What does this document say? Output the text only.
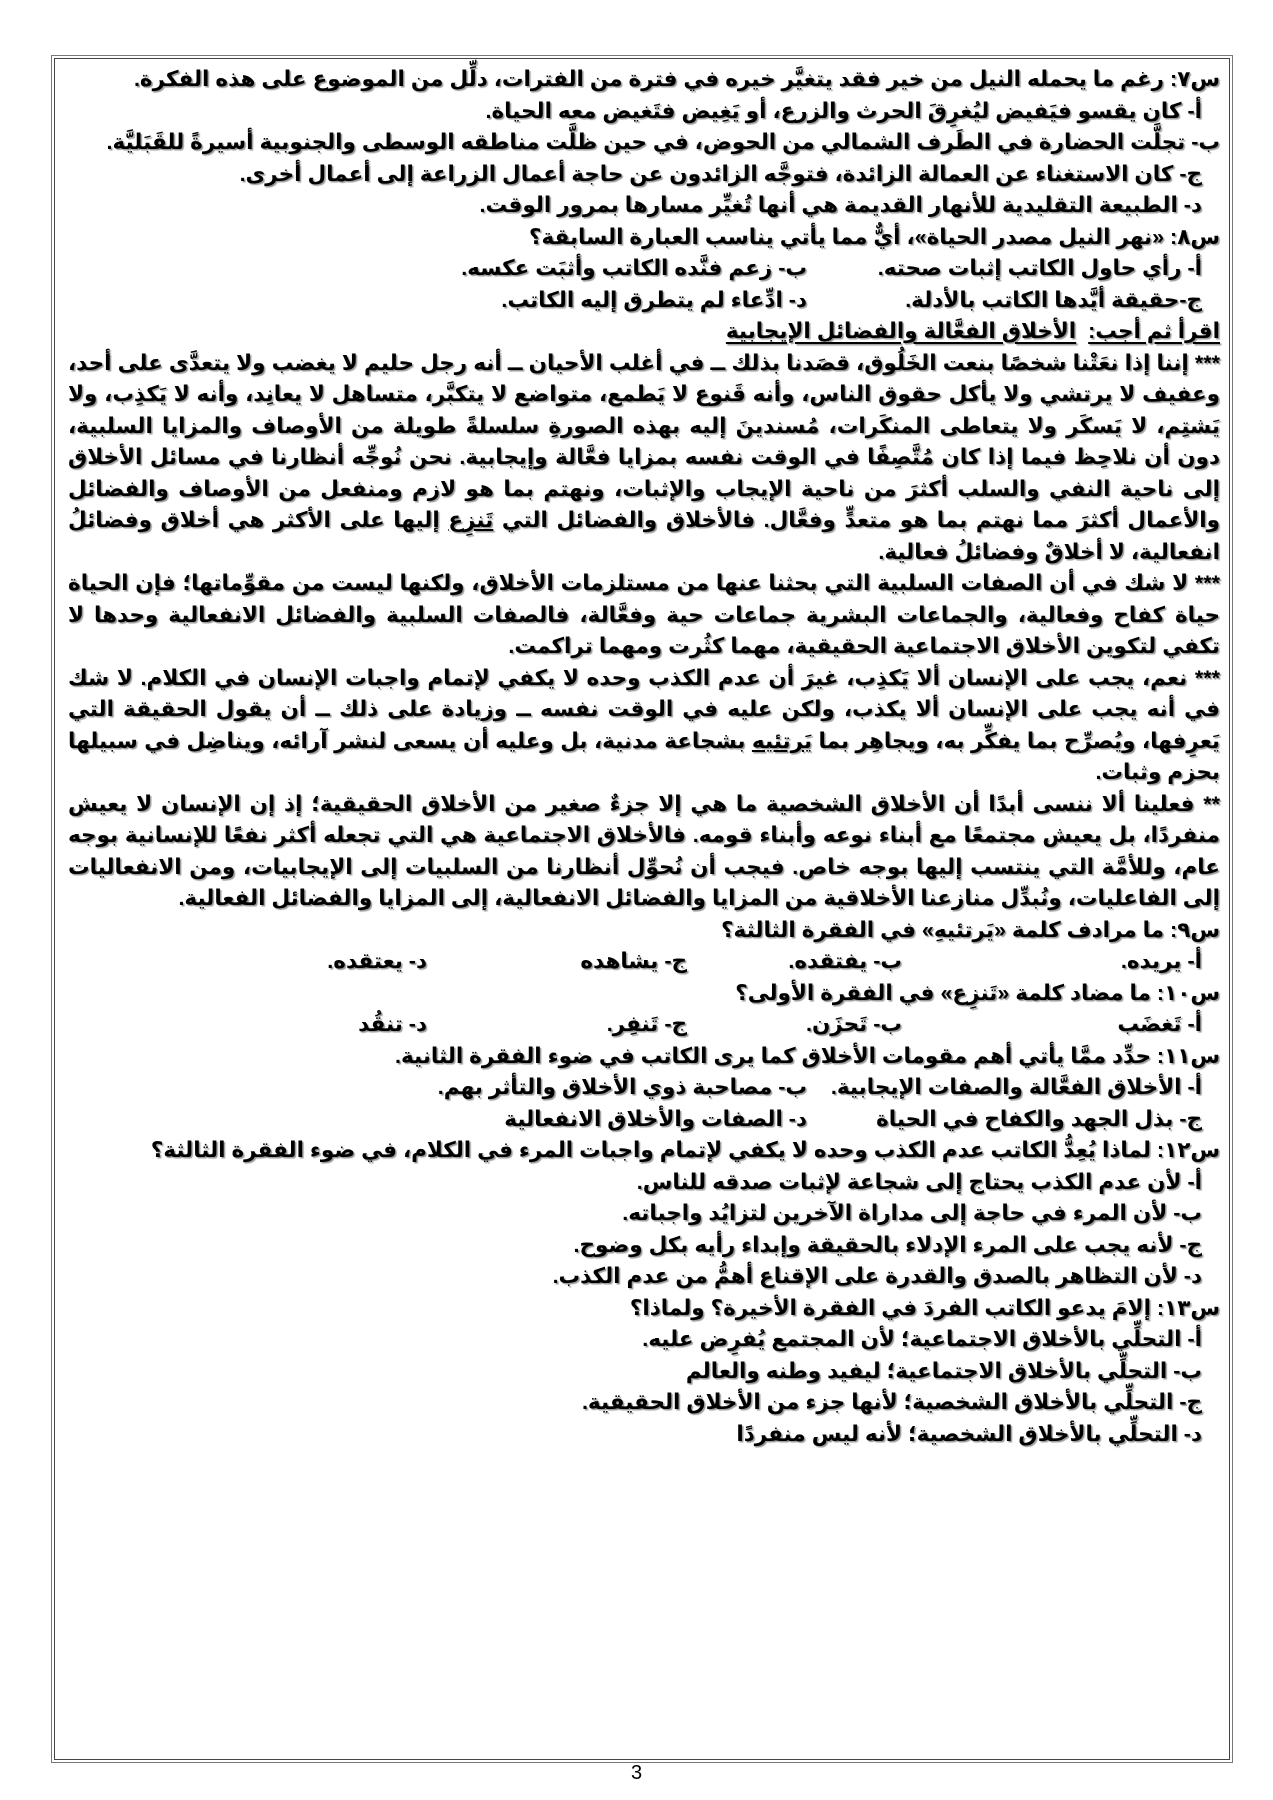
س٧: رغم ما يحمله النيل من خير فقد يتغيَّر خيره في فترة من الفترات، دلِّل من الموضوع على هذه الفكرة.

أ- كان يقسو فيَفيض ليُغرِقَ الحرث والزرع، أو يَغِيض فتَغيض معه الحياة.

ب- تجلَّت الحضارة في الطَرف الشمالي من الحوض، في حين ظلَّت مناطقه الوسطى والجنوبية أسيرةً للقَبَليَّة.

ج- كان الاستغناء عن العمالة الزائدة، فتوجَّه الزائدون عن حاجة أعمال الزراعة إلى أعمال أخرى.

د- الطبيعة التقليدية للأنهار القديمة هي أنها تُغيِّر مسارها بمرور الوقت.

س٨: «نهر النيل مصدر الحياة»، أيٌّ مما يأتي يناسب العبارة السابقة؟

أ- رأي حاول الكاتب إثبات صحته.
ب- زعم فنَّده الكاتب وأثبَت عكسه.
ج-حقيقة أيَّدها الكاتب بالأدلة.
د- ادِّعاء لم يتطرق إليه الكاتب.

اقرأ ثم أجب:  الأخلاق الفعَّالة والفضائل الإيجابية

*** إننا إذا نعَتْنا شخصًا بنعت الخَلُوق، قصَدنا بذلك ــ في أغلب الأحيان ــ أنه رجل حليم لا يغضب ولا يتعدَّى على أحد، وعفيف لا يرتشي ولا يأكل حقوق الناس، وأنه قَنوع لا يَطمع، متواضع لا يتكبَّر، متساهل لا يعانِد، وأنه لا يَكذِب، ولا يَشتِم، لا يَسكَر ولا يتعاطى المنكَرات، مُسندينَ إليه بهذه الصورةِ سلسلةً طويلة من الأوصاف والمزايا السلبية، دون أن نلاحِظ فيما إذا كان مُتَّصِفًا في الوقت نفسه بمزايا فعَّالة وإيجابية. نحن نُوجِّه أنظارنا في مسائل الأخلاق إلى ناحية النفي والسلب أكثرَ من ناحية الإيجاب والإثبات، ونهتم بما هو لازم ومنفعل من الأوصاف والفضائل والأعمال أكثرَ مما نهتم بما هو متعدٍّ وفعَّال. فالأخلاق والفضائل التي تَنزِع إليها على الأكثر هي أخلاق وفضائلُ انفعالية، لا أخلاقٌ وفضائلُ فعالية.

*** لا شك في أن الصفات السلبية التي بحثنا عنها من مستلزمات الأخلاق، ولكنها ليست من مقوِّماتها؛ فإن الحياة حياة كفاح وفعالية، والجماعات البشرية جماعات حية وفعَّالة، فالصفات السلبية والفضائل الانفعالية وحدها لا تكفي لتكوين الأخلاق الاجتماعية الحقيقية، مهما كثُرت ومهما تراكمت.

*** نعم، يجب على الإنسان ألا يَكذِب، غيرَ أن عدم الكذب وحده لا يكفي لإتمام واجبات الإنسان في الكلام. لا شك في أنه يجب على الإنسان ألا يكذب، ولكن عليه في الوقت نفسه ــ وزيادة على ذلك ــ أن يقول الحقيقة التي يَعرِفها، ويُصرِّح بما يفكِّر به، ويجاهِر بما يَرتئيه بشجاعة مدنية، بل وعليه أن يسعى لنشر آرائه، ويناضِل في سبيلها بحزم وثبات.

** فعلينا ألا ننسى أبدًا أن الأخلاق الشخصية ما هي إلا جزءٌ صغير من الأخلاق الحقيقية؛ إذ إن الإنسان لا يعيش منفردًا، بل يعيش مجتمعًا مع أبناء نوعه وأبناء قومه. فالأخلاق الاجتماعية هي التي تجعله أكثر نفعًا للإنسانية بوجه عام، وللأمَّة التي ينتسب إليها بوجه خاص. فيجب أن نُحوِّل أنظارنا من السلبيات إلى الإيجابيات، ومن الانفعاليات إلى الفاعليات، ونُبدِّل منازعنا الأخلاقية من المزايا والفضائل الانفعالية، إلى المزايا والفضائل الفعالية.

س٩: ما مرادف كلمة «يَرتئيهِ» في الفقرة الثالثة؟

أ- يريده.
ب- يفتقده.
ج- يشاهده
د- يعتقده.

س١٠: ما مضاد كلمة «تَنزِع» في الفقرة الأولى؟

أ- تَغضَب
ب- تَحزَن.
ج- تَنفِر.
د- تنقُد

س١١: حدِّد ممَّا يأتي أهم مقومات الأخلاق كما يرى الكاتب في ضوء الفقرة الثانية.

أ- الأخلاق الفعَّالة والصفات الإيجابية.
ب- مصاحبة ذوي الأخلاق والتأثر بهم.
ج- بذل الجهد والكفاح في الحياة
د- الصفات والأخلاق الانفعالية

س١٢: لماذا يُعِدُّ الكاتب عدم الكذب وحده لا يكفي لإتمام واجبات المرء في الكلام، في ضوء الفقرة الثالثة؟

أ- لأن عدم الكذب يحتاج إلى شجاعة لإثبات صدقه للناس.

ب- لأن المرء في حاجة إلى مداراة الآخرين لتزايُد واجباته.

ج- لأنه يجب على المرء الإدلاء بالحقيقة وإبداء رأيه بكل وضوح.

د- لأن التظاهر بالصدق والقدرة على الإقناع أهمُّ من عدم الكذب.

س١٣: إلامَ يدعو الكاتب الفردَ في الفقرة الأخيرة؟ ولماذا؟

أ- التحلِّي بالأخلاق الاجتماعية؛ لأن المجتمع يُفرِض عليه.

ب- التحلِّي بالأخلاق الاجتماعية؛ ليفيد وطنه والعالم

ج- التحلِّي بالأخلاق الشخصية؛ لأنها جزء من الأخلاق الحقيقية.

د- التحلِّي بالأخلاق الشخصية؛ لأنه ليس منفردًا

3
